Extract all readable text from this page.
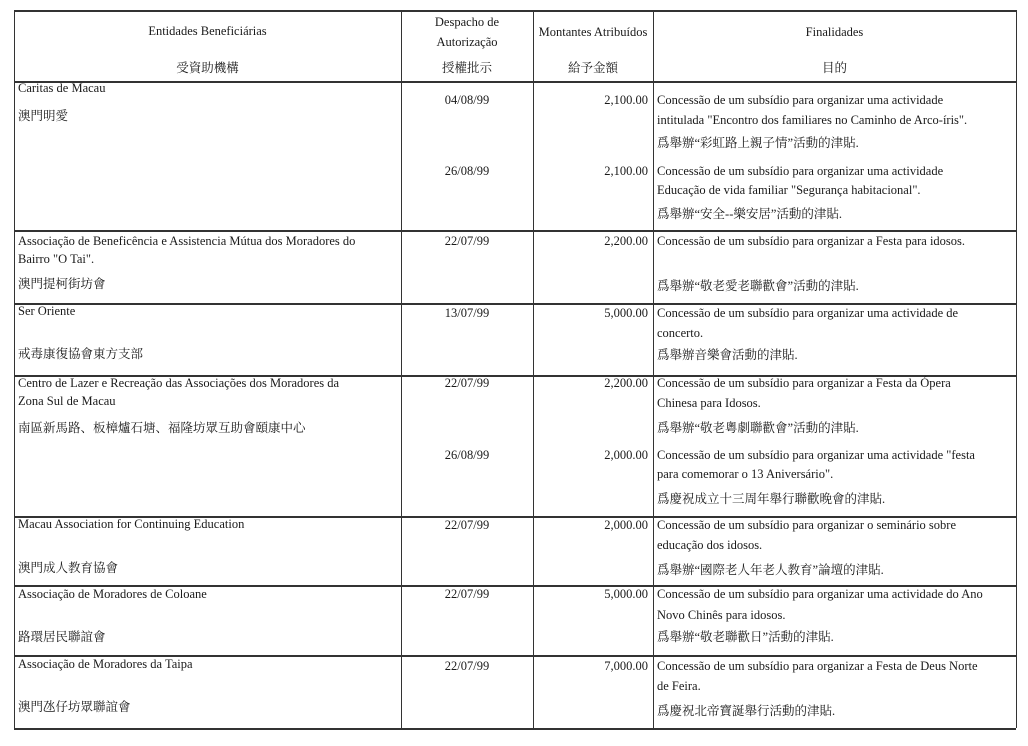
Entidades Beneficiárias
受資助機構
Despacho de
Autorização
授權批示
Montantes Atribuídos
給予金額
Finalidades
目的
Caritas de Macau
澳門明愛
04/08/99	2,100.00 Concessão de um subsídio para organizar uma actividade
intitulada "Encontro dos familiares no Caminho de Arco-íris".
爲舉辦“彩虹路上親子情”活動的津貼.
26/08/99	2,100.00 Concessão de um subsídio para organizar uma actividade
Educação de vida familiar "Segurança habitacional".
爲舉辦“安全--樂安居”活動的津貼.
Associação de Beneficência e Assistencia Mútua dos Moradores do
Bairro "O Tai".
澳門提柯街坊會
22/07/99	2,200.00 Concessão de um subsídio para organizar a Festa para idosos.
爲舉辦“敬老愛老聯歡會”活動的津貼.
Ser Oriente
戒毒康復協會東方支部
13/07/99	5,000.00 Concessão de um subsídio para organizar uma actividade de
concerto.
爲舉辦音樂會活動的津貼.
Centro de Lazer e Recreação das Associações dos Moradores da
Zona Sul de Macau
南區新馬路、板樟爐石塘、福隆坊眾互助會頤康中心
22/07/99	2,200.00 Concessão de um subsídio para organizar a Festa da Ópera
Chinesa para Idosos.
爲舉辦“敬老粵劇聯歡會”活動的津貼.
26/08/99	2,000.00 Concessão de um subsídio para organizar uma actividade "festa
para comemorar o 13 Aniversário".
爲慶祝成立十三周年舉行聯歡晚會的津貼.
Macau Association for Continuing Education
澳門成人教育協會
22/07/99	2,000.00 Concessão de um subsídio para organizar o seminário sobre
educação dos idosos.
爲舉辦“國際老人年老人教育”論壇的津貼.
Associação de Moradores de Coloane
路環居民聯誼會
22/07/99	5,000.00 Concessão de um subsídio para organizar uma actividade do Ano
Novo Chinês para idosos.
爲舉辦“敬老聯歡日”活動的津貼.
Associação de Moradores da Taipa
澳門氹仔坊眾聯誼會
22/07/99	7,000.00 Concessão de um subsídio para organizar a Festa de Deus Norte
de Feira.
爲慶祝北帝寶誕舉行活動的津貼.
